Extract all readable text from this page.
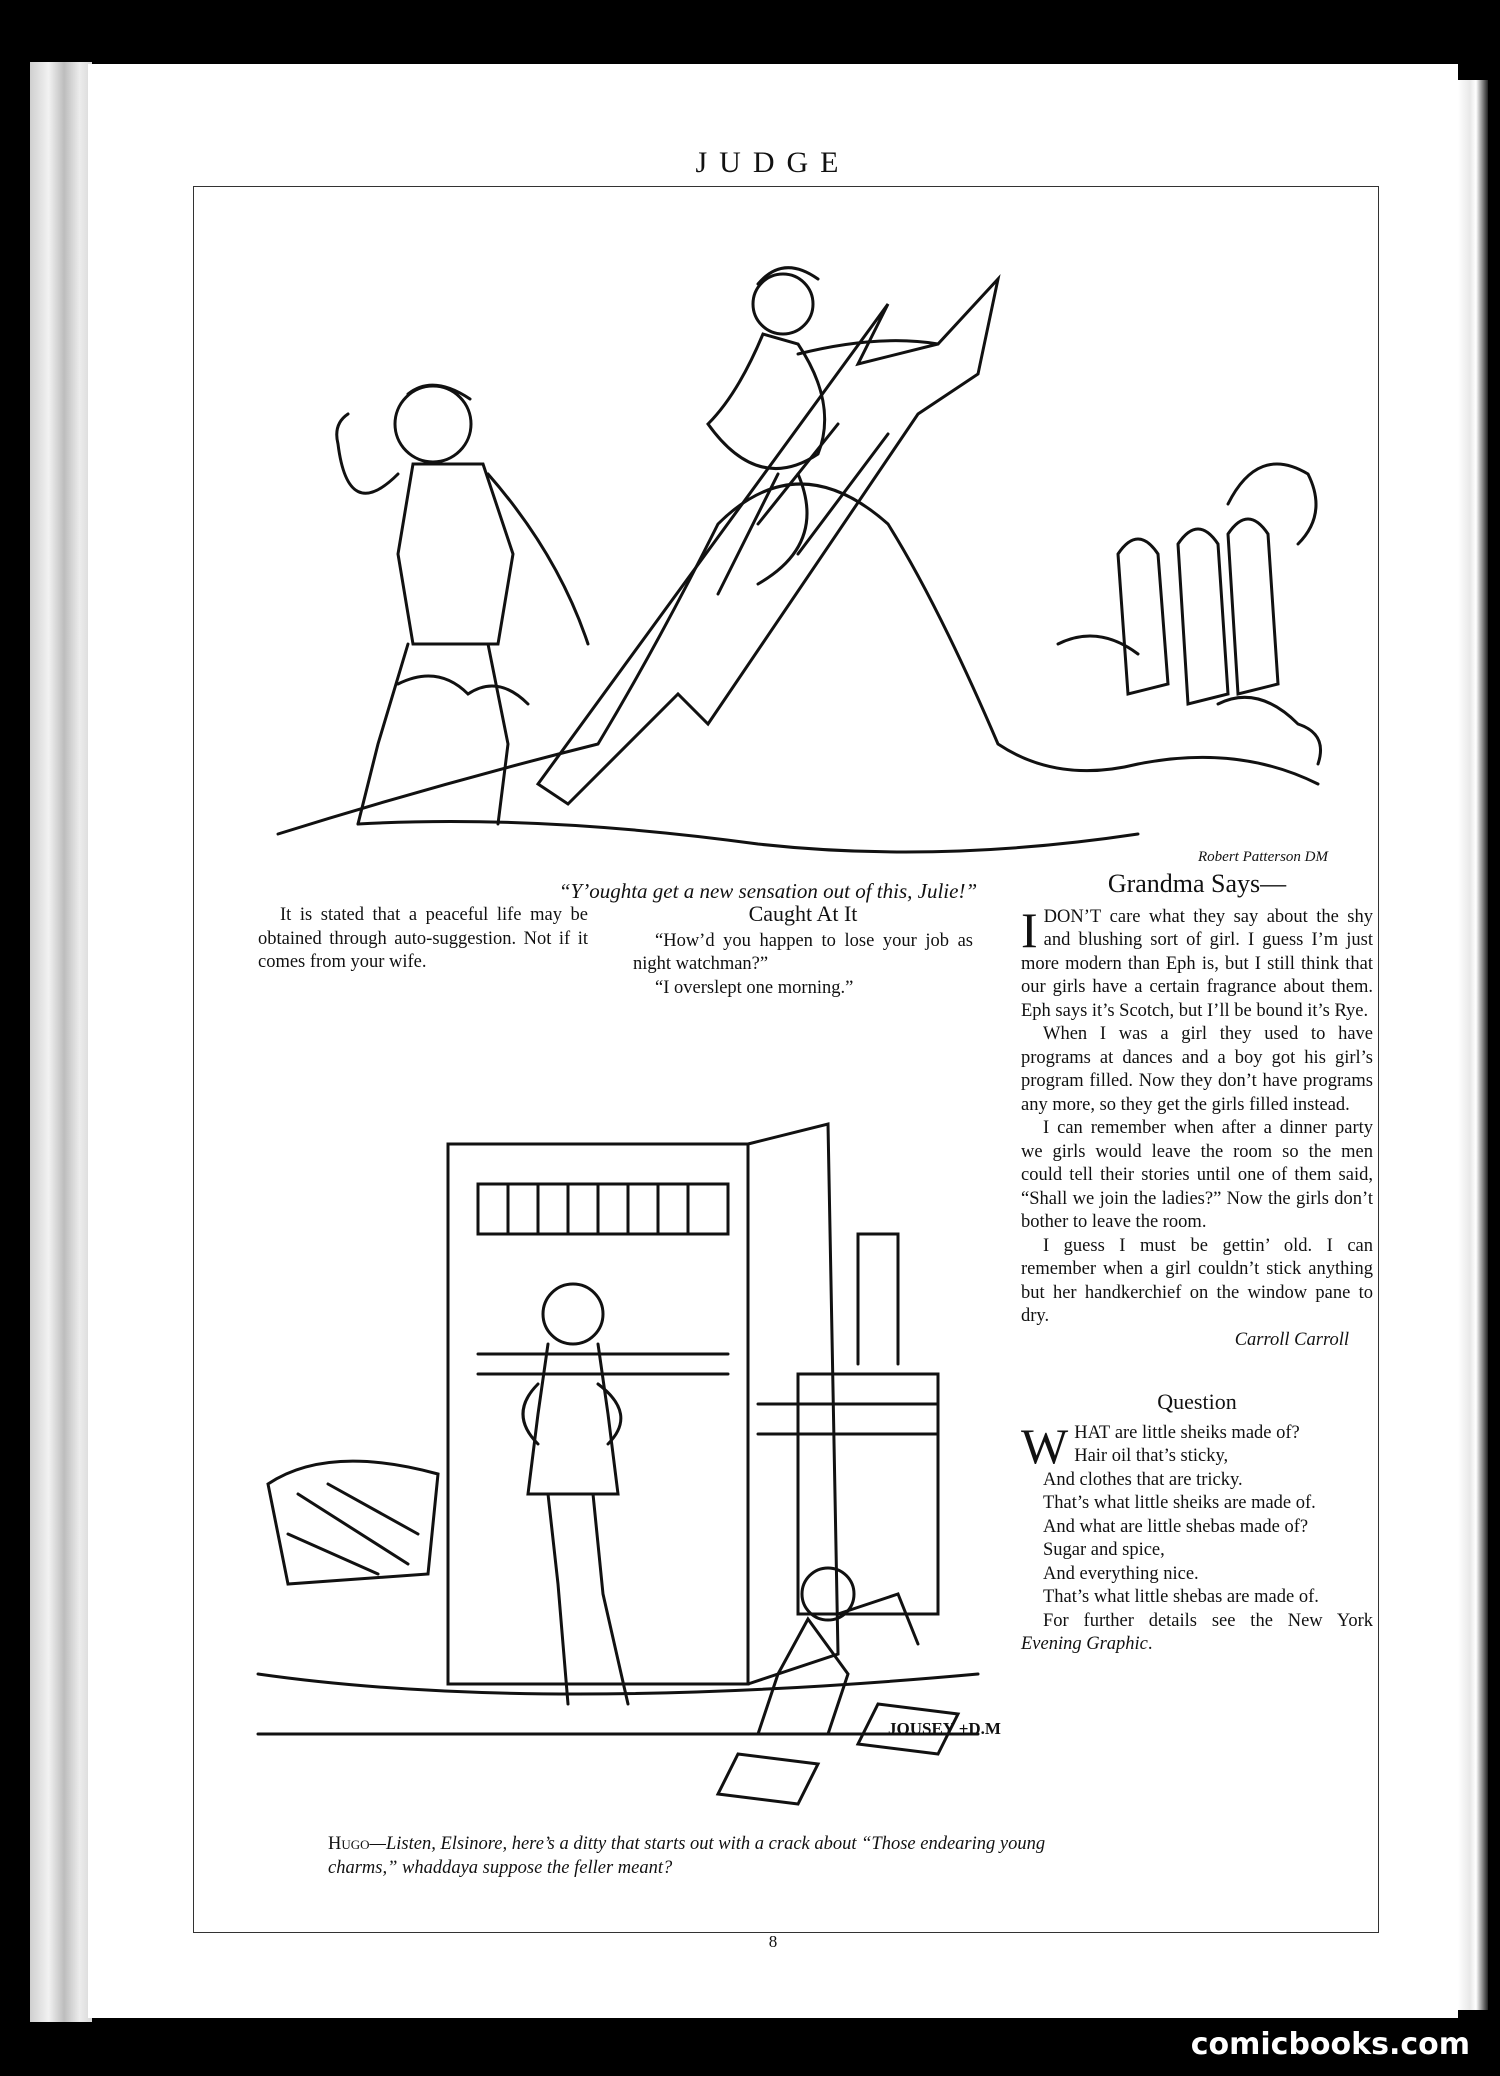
JUDGE
Robert Patterson DM
“Y’oughta get a new sensation out of this, Julie!”

It is stated that a peaceful life may be obtained through auto-suggestion. Not if it comes from your wife.

Caught At It

“How’d you happen to lose your job as night watchman?”

“I overslept one morning.”

Grandma Says—

IDON’T care what they say about the shy and blushing sort of girl. I guess I’m just more modern than Eph is, but I still think that our girls have a certain fragrance about them. Eph says it’s Scotch, but I’ll be bound it’s Rye.

When I was a girl they used to have programs at dances and a boy got his girl’s program filled. Now they don’t have programs any more, so they get the girls filled instead.

I can remember when after a dinner party we girls would leave the room so the men could tell their stories until one of them said, “Shall we join the ladies?” Now the girls don’t bother to leave the room.

I guess I must be gettin’ old. I can remember when a girl couldn’t stick anything but her handkerchief on the window pane to dry.

Carroll Carroll

Question

WHAT are little sheiks made of?

Hair oil that’s sticky,

And clothes that are tricky.

That’s what little sheiks are made of.

And what are little shebas made of?

Sugar and spice,

And everything nice.

That’s what little shebas are made of.

For further details see the New York Evening Graphic.

JOUSEY +D.M
Hugo—Listen, Elsinore, here’s a ditty that starts out with a crack about “Those endearing young charms,” whaddaya suppose the feller meant?
8
comicbooks.com
